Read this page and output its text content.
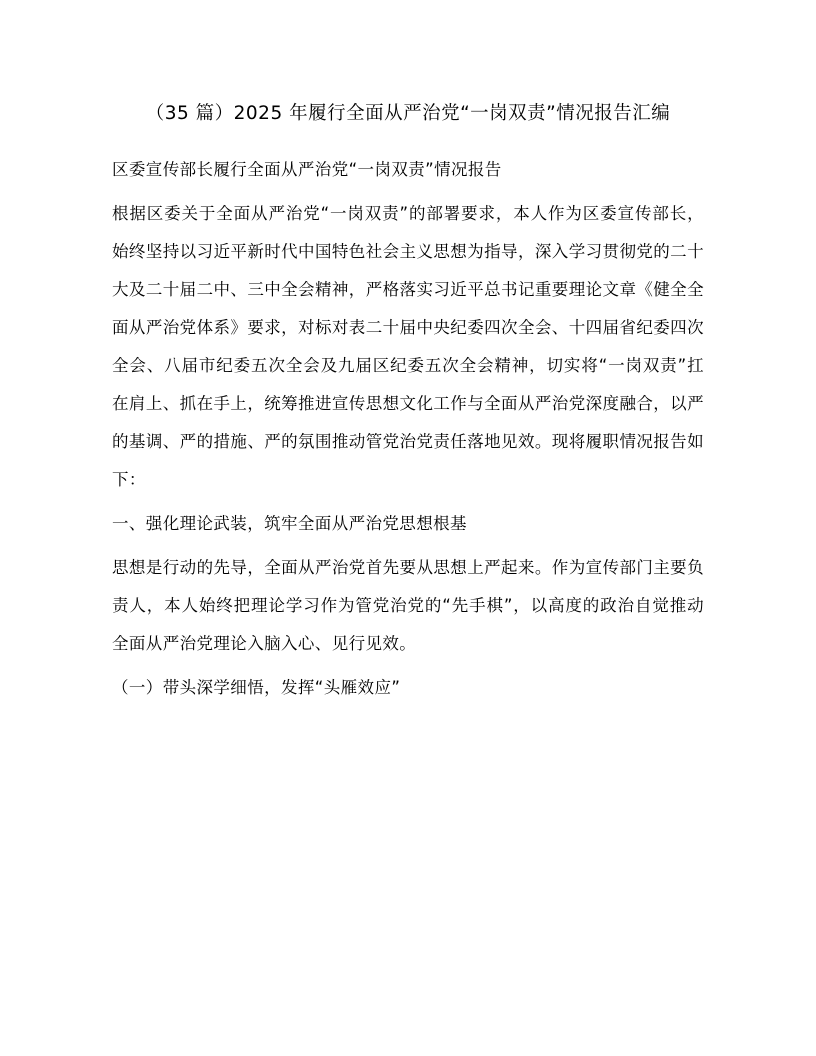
（35 篇）2025 年履行全面从严治党“一岗双责”情况报告汇编

区委宣传部长履行全面从严治党“一岗双责”情况报告

根据区委关于全面从严治党“一岗双责”的部署要求，本人作为区委宣传部长，始终坚持以习近平新时代中国特色社会主义思想为指导，深入学习贯彻党的二十大及二十届二中、三中全会精神，严格落实习近平总书记重要理论文章《健全全面从严治党体系》要求，对标对表二十届中央纪委四次全会、十四届省纪委四次全会、八届市纪委五次全会及九届区纪委五次全会精神，切实将“一岗双责”扛在肩上、抓在手上，统筹推进宣传思想文化工作与全面从严治党深度融合，以严的基调、严的措施、严的氛围推动管党治党责任落地见效。现将履职情况报告如下：

一、强化理论武装，筑牢全面从严治党思想根基

思想是行动的先导，全面从严治党首先要从思想上严起来。作为宣传部门主要负责人，本人始终把理论学习作为管党治党的“先手棋”，以高度的政治自觉推动全面从严治党理论入脑入心、见行见效。

（一）带头深学细悟，发挥“头雁效应”
